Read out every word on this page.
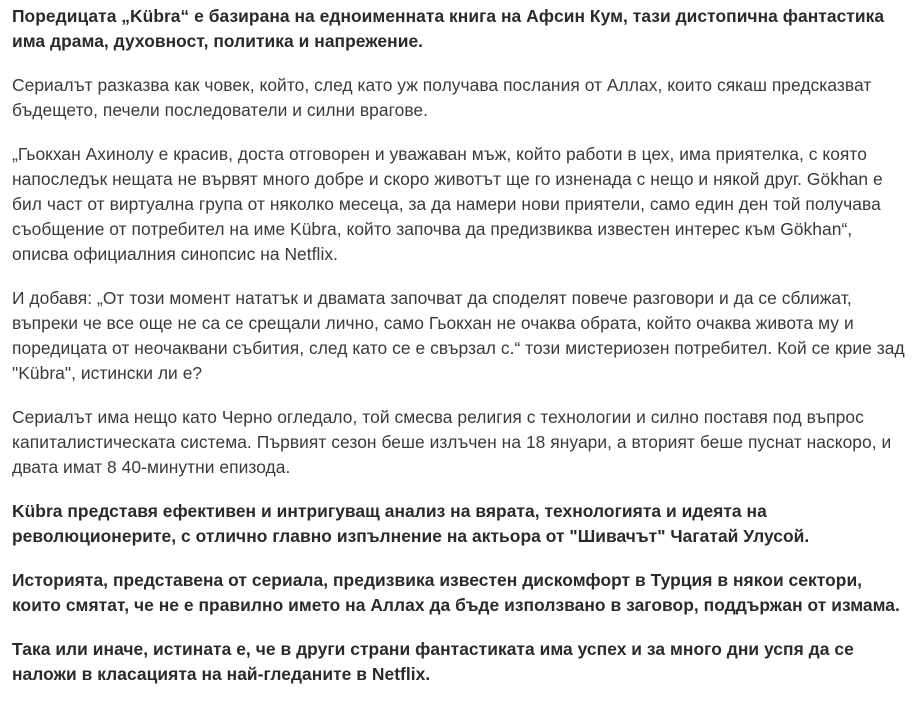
Поредицата „Kübra“ е базирана на едноименната книга на Афсин Кум, тази дистопична фантастика има драма, духовност, политика и напрежение.

Сериалът разказва как човек, който, след като уж получава послания от Аллах, които сякаш предсказват бъдещето, печели последователи и силни врагове.

„Гьокхан Ахинолу е красив, доста отговорен и уважаван мъж, който работи в цех, има приятелка, с която напоследък нещата не вървят много добре и скоро животът ще го изненада с нещо и някой друг. Gökhan е бил част от виртуална група от няколко месеца, за да намери нови приятели, само един ден той получава съобщение от потребител на име Kübra, който започва да предизвиква известен интерес към Gökhan“, описва официалния синопсис на Netflix.

И добавя: „От този момент нататък и двамата започват да споделят повече разговори и да се сближат, въпреки че все още не са се срещали лично, само Гьокхан не очаква обрата, който очаква живота му и поредицата от неочаквани събития, след като се е свързал с.“ този мистериозен потребител. Кой се крие зад "Kübra", истински ли е?

Сериалът има нещо като Черно огледало, той смесва религия с технологии и силно поставя под въпрос капиталистическата система. Първият сезон беше излъчен на 18 януари, а вторият беше пуснат наскоро, и двата имат 8 40-минутни епизода.

Kübra представя ефективен и интригуващ анализ на вярата, технологията и идеята на революционерите, с отлично главно изпълнение на актьора от "Шивачът" Чагатай Улусой.

Историята, представена от сериала, предизвика известен дискомфорт в Турция в някои сектори, които смятат, че не е правилно името на Аллах да бъде използвано в заговор, поддържан от измама.

Така или иначе, истината е, че в други страни фантастиката има успех и за много дни успя да се наложи в класацията на най-гледаните в Netflix.
